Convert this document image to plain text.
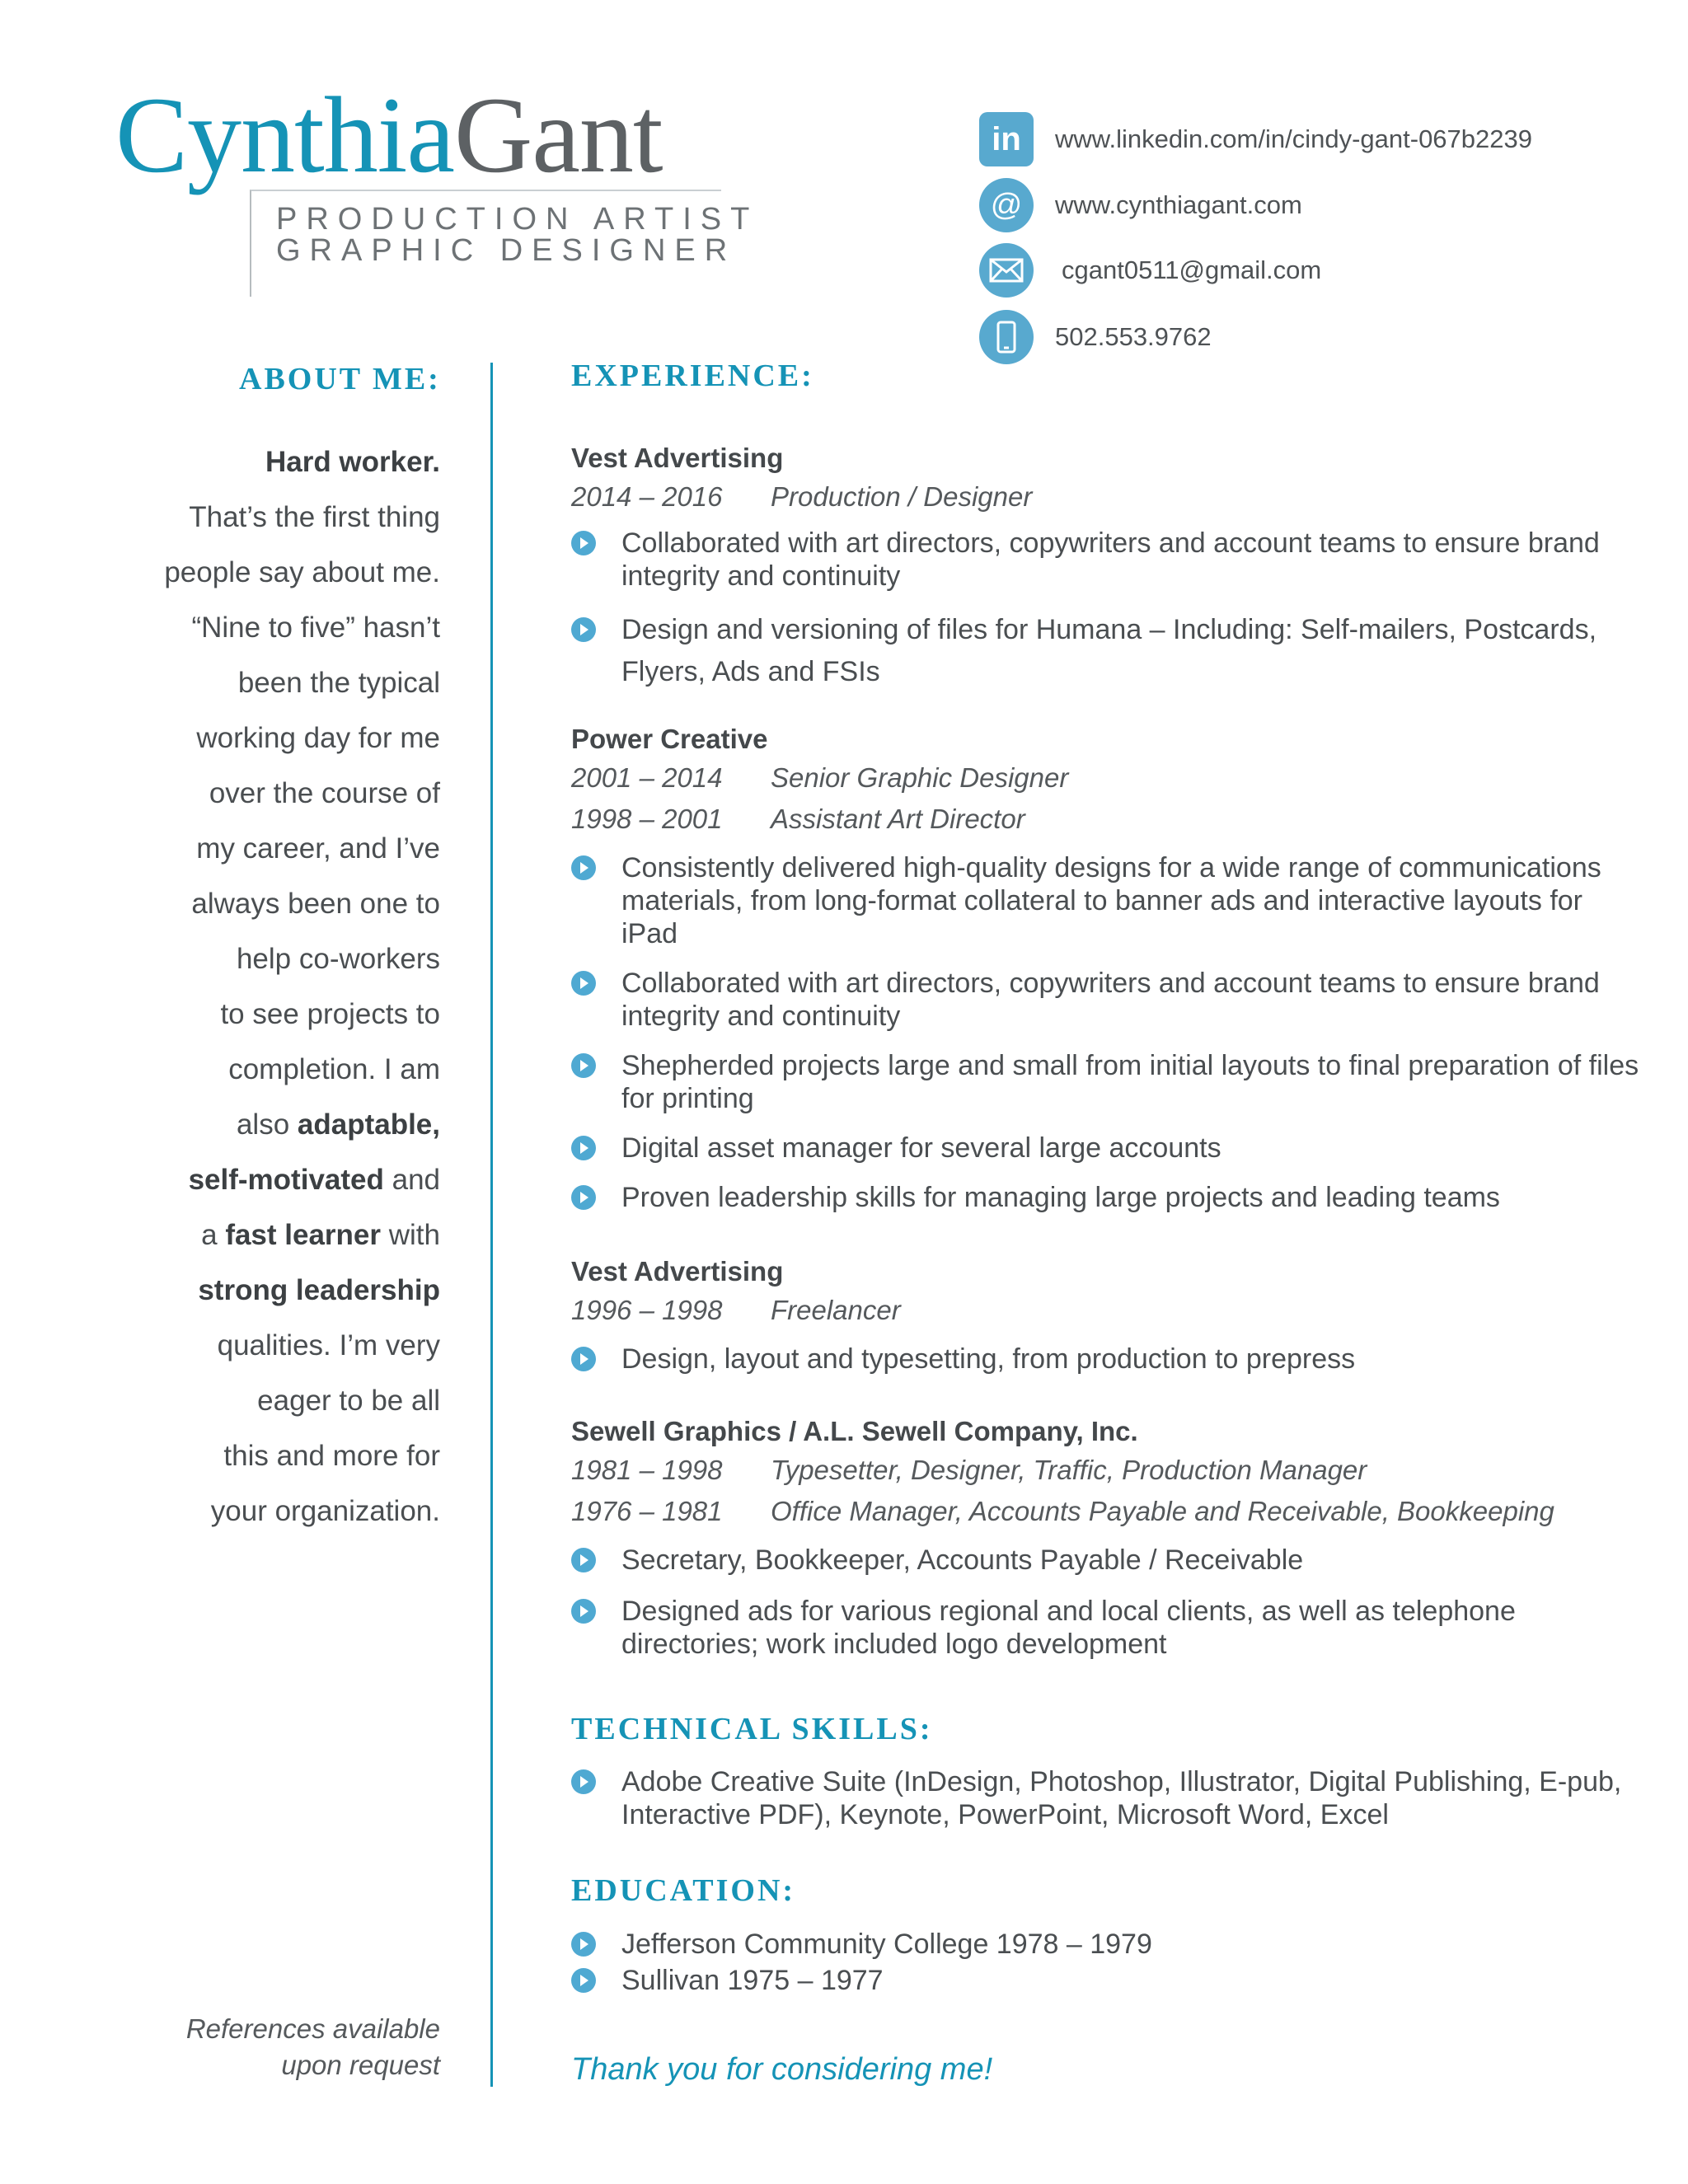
CynthiaGant
PRODUCTION ARTIST
GRAPHIC DESIGNER
in www.linkedin.com/in/cindy-gant-067b2239
@ www.cynthiagant.com
cgant0511@gmail.com
502.553.9762
ABOUT ME:
Hard worker.
That’s the first thing
people say about me.
“Nine to five” hasn’t
been the typical
working day for me
over the course of
my career, and I’ve
always been one to
help co-workers
to see projects to
completion. I am
also adaptable,
self-motivated and
a fast learner with
strong leadership
qualities. I’m very
eager to be all
this and more for
your organization.
References available
upon request
EXPERIENCE:
Vest Advertising
2014 – 2016 Production / Designer
Collaborated with art directors, copywriters and account teams to ensure brand integrity and continuity
Design and versioning of files for Humana – Including: Self-mailers, Postcards, Flyers, Ads and FSIs
Power Creative
2001 – 2014 Senior Graphic Designer
1998 – 2001 Assistant Art Director
Consistently delivered high-quality designs for a wide range of communications materials, from long-format collateral to banner ads and interactive layouts for iPad
Collaborated with art directors, copywriters and account teams to ensure brand integrity and continuity
Shepherded projects large and small from initial layouts to final preparation of files for printing
Digital asset manager for several large accounts
Proven leadership skills for managing large projects and leading teams
Vest Advertising
1996 – 1998 Freelancer
Design, layout and typesetting, from production to prepress
Sewell Graphics / A.L. Sewell Company, Inc.
1981 – 1998 Typesetter, Designer, Traffic, Production Manager
1976 – 1981 Office Manager, Accounts Payable and Receivable, Bookkeeping
Secretary, Bookkeeper, Accounts Payable / Receivable
Designed ads for various regional and local clients, as well as telephone directories; work included logo development
TECHNICAL SKILLS:
Adobe Creative Suite (InDesign, Photoshop, Illustrator, Digital Publishing, E-pub, Interactive PDF), Keynote, PowerPoint, Microsoft Word, Excel
EDUCATION:
Jefferson Community College 1978 – 1979
Sullivan 1975 – 1977
Thank you for considering me!
